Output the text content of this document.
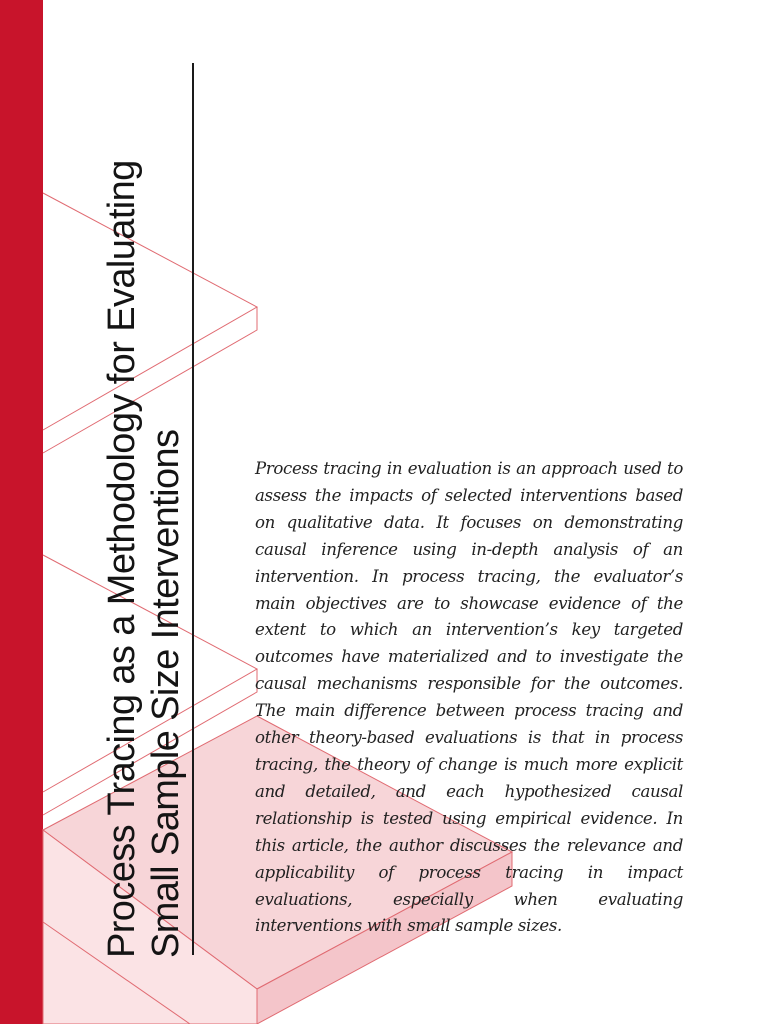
Process Tracing as a Methodology for Evaluating Small Sample Size Interventions	Process tracing in evaluation is an approach used to assess the impacts of selected interventions based on qualitative data. It focuses on demonstrating causal inference using in-depth analysis of an intervention. In process tracing, the evaluator’s main objectives are to showcase evidence of the extent to which an intervention’s key targeted outcomes have materialized and to investigate the causal mechanisms responsible for the outcomes. The main difference between process tracing and other theory-based evaluations is that in process tracing, the theory of change is much more explicit and detailed, and each hypothesized causal relationship is tested using empirical evidence. In this article, the author discusses the relevance and applicability of process tracing in impact evaluations, especially when evaluating interventions with small sample sizes.
